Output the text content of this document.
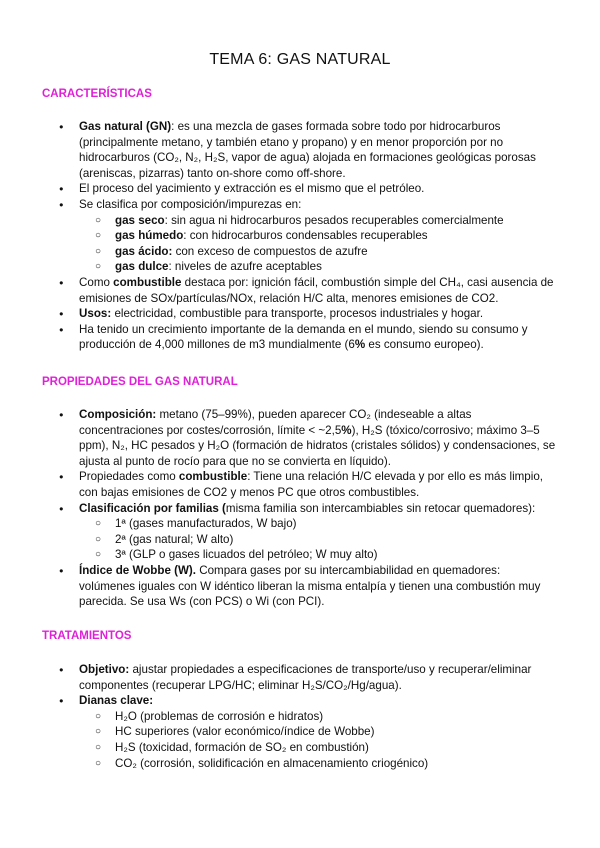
TEMA 6: GAS NATURAL
CARACTERÍSTICAS
● Gas natural (GN): es una mezcla de gases formada sobre todo por hidrocarburos (principalmente metano, y también etano y propano) y en menor proporción por no hidrocarburos (CO₂, N₂, H₂S, vapor de agua) alojada en formaciones geológicas porosas (areniscas, pizarras) tanto on-shore como off-shore.
● El proceso del yacimiento y extracción es el mismo que el petróleo.
● Se clasifica por composición/impurezas en:
○ gas seco: sin agua ni hidrocarburos pesados recuperables comercialmente
○ gas húmedo: con hidrocarburos condensables recuperables
○ gas ácido: con exceso de compuestos de azufre
○ gas dulce: niveles de azufre aceptables
● Como combustible destaca por: ignición fácil, combustión simple del CH₄, casi ausencia de emisiones de SOx/partículas/NOx, relación H/C alta, menores emisiones de CO2.
● Usos: electricidad, combustible para transporte, procesos industriales y hogar.
● Ha tenido un crecimiento importante de la demanda en el mundo, siendo su consumo y producción de 4,000 millones de m3 mundialmente (6% es consumo europeo).
PROPIEDADES DEL GAS NATURAL
● Composición: metano (75–99%), pueden aparecer CO₂ (indeseable a altas concentraciones por costes/corrosión, límite < ~2,5%), H₂S (tóxico/corrosivo; máximo 3–5 ppm), N₂, HC pesados y H₂O (formación de hidratos (cristales sólidos) y condensaciones, se ajusta al punto de rocío para que no se convierta en líquido).
● Propiedades como combustible: Tiene una relación H/C elevada y por ello es más limpio, con bajas emisiones de CO2 y menos PC que otros combustibles.
● Clasificación por familias (misma familia son intercambiables sin retocar quemadores):
○ 1ª (gases manufacturados, W bajo)
○ 2ª (gas natural; W alto)
○ 3ª (GLP o gases licuados del petróleo; W muy alto)
● Índice de Wobbe (W). Compara gases por su intercambiabilidad en quemadores: volúmenes iguales con W idéntico liberan la misma entalpía y tienen una combustión muy parecida. Se usa Ws (con PCS) o Wi (con PCI).
TRATAMIENTOS
● Objetivo: ajustar propiedades a especificaciones de transporte/uso y recuperar/eliminar componentes (recuperar LPG/HC; eliminar H₂S/CO₂/Hg/agua).
● Dianas clave:
○ H₂O (problemas de corrosión e hidratos)
○ HC superiores (valor económico/índice de Wobbe)
○ H₂S (toxicidad, formación de SO₂ en combustión)
○ CO₂ (corrosión, solidificación en almacenamiento criogénico)
